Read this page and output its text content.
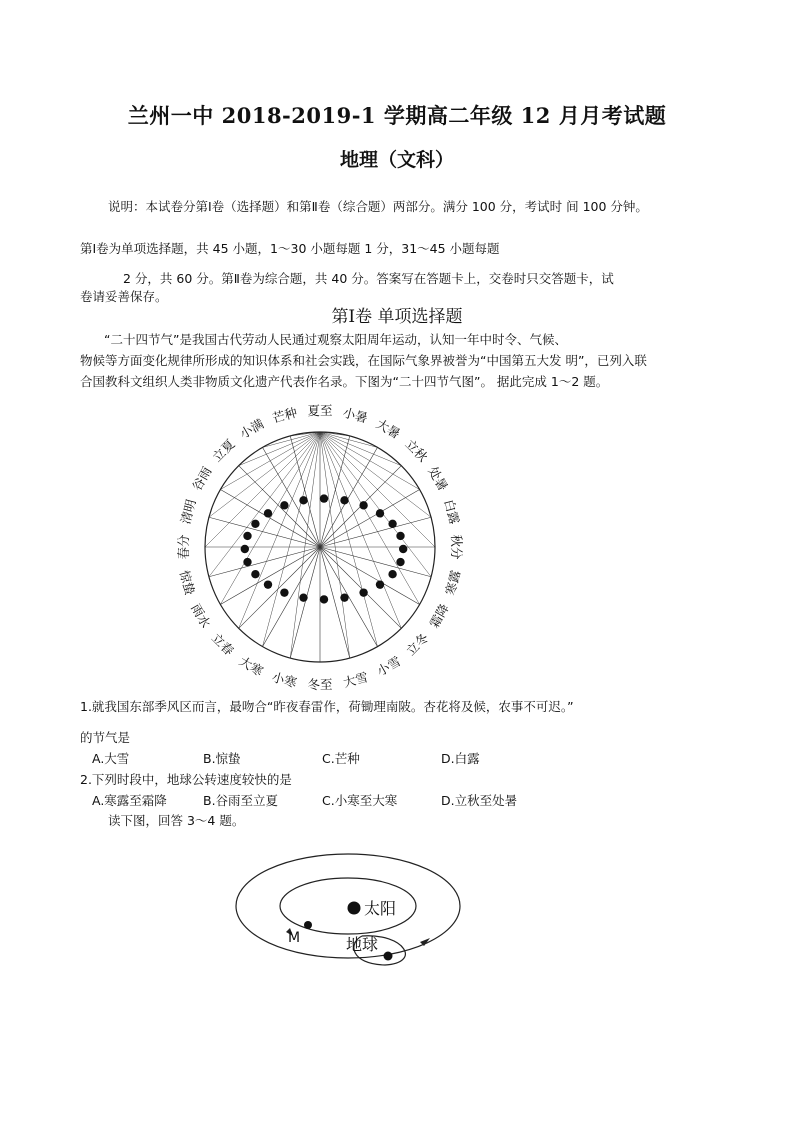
兰州一中 2018-2019-1 学期高二年级 12 月月考试题
地理（文科）
说明：本试卷分第Ⅰ卷（选择题）和第Ⅱ卷（综合题）两部分。满分 100 分，考试时 间 100 分钟。
第Ⅰ卷为单项选择题，共 45 小题，1～30 小题每题 1 分，31～45 小题每题
2 分，共 60 分。第Ⅱ卷为综合题，共 40 分。答案写在答题卡上，交卷时只交答题卡，试
卷请妥善保存。
第Ⅰ卷 单项选择题
“二十四节气”是我国古代劳动人民通过观察太阳周年运动，认知一年中时令、气候、
物候等方面变化规律所形成的知识体系和社会实践，在国际气象界被誉为“中国第五大发 明”，已列入联
合国教科文组织人类非物质文化遗产代表作名录。下图为“二十四节气图”。 据此完成 1～2 题。
夏至 小暑
大暑
立秋
处暑
白露
秋分
寒露
霜降
立冬
小雪
大雪
冬至
小寒
大寒
立春
雨水
惊蛰
春分
清明
谷雨
立夏
小满
芒种
1.就我国东部季风区而言，最吻合“昨夜春雷作，荷锄理南陂。杏花将及候，农事不可迟。”
的节气是
A.大雪	B.惊蛰	C.芒种	D.白露
2.下列时段中，地球公转速度较快的是
A.寒露至霜降	B.谷雨至立夏	C.小寒至大寒	D.立秋至处暑
读下图，回答 3～4 题。
太阳
M	地球
